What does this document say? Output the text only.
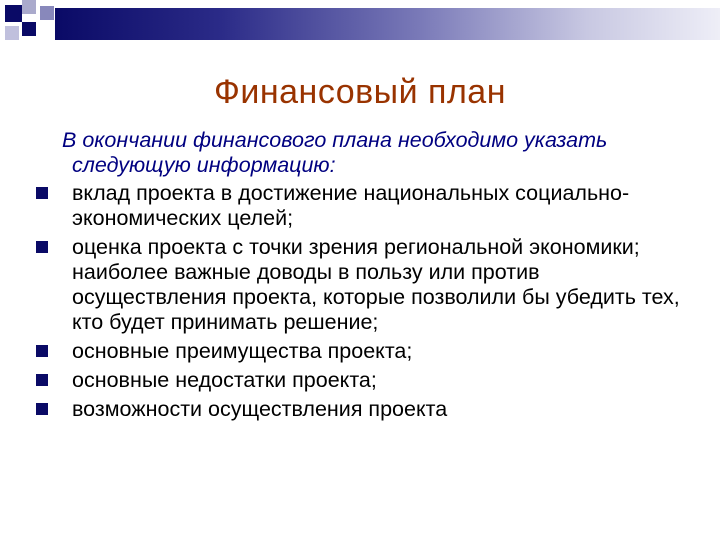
Финансовый план

В окончании финансового плана необходимо указать следующую информацию:

вклад проекта в достижение национальных социально-экономических целей;
оценка проекта с точки зрения региональной экономики;
наиболее важные доводы в пользу или против осуществления проекта, которые позволили бы убедить тех, кто будет принимать решение;
основные преимущества проекта;
основные недостатки проекта;
возможности осуществления проекта
